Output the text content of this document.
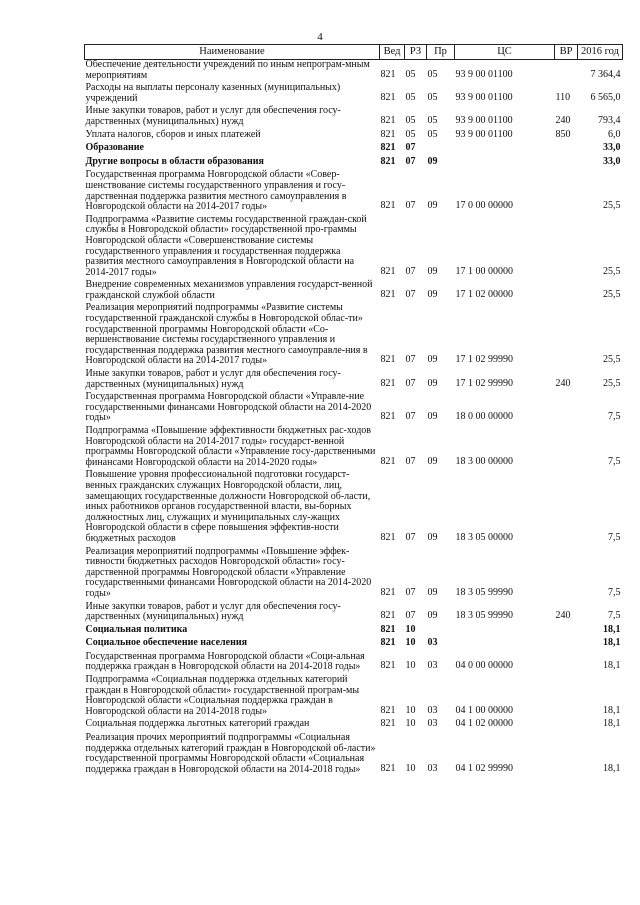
4
Наименование	Вед	РЗ	Пр	ЦС	ВР	2016 год
Обеспечение деятельности учреждений по иным непрограм-мным мероприятиям	821	05	05	93 9 00 01100		7 364,4
Расходы на выплаты персоналу казенных (муниципальных) учреждений	821	05	05	93 9 00 01100	110	6 565,0
Иные закупки товаров, работ и услуг для обеспечения госу-дарственных (муниципальных) нужд	821	05	05	93 9 00 01100	240	793,4
Уплата налогов, сборов и иных платежей	821	05	05	93 9 00 01100	850	6,0
Образование	821	07				33,0
Другие вопросы в области образования	821	07	09			33,0
Государственная программа Новгородской области «Совер-шенствование системы государственного управления и госу-дарственная поддержка развития местного самоуправления в Новгородской области на 2014-2017 годы»	821	07	09	17 0 00 00000		25,5
Подпрограмма «Развитие системы государственной граждан-ской службы в Новгородской области» государственной про-граммы Новгородской области «Совершенствование системы государственного управления и государственная поддержка развития местного самоуправления в Новгородской области на 2014-2017 годы»	821	07	09	17 1 00 00000		25,5
Внедрение современных механизмов управления государст-венной гражданской службой области	821	07	09	17 1 02 00000		25,5
Реализация мероприятий подпрограммы «Развитие системы государственной гражданской службы в Новгородской облас-ти» государственной программы Новгородской области «Со-вершенствование системы государственного управления и государственная поддержка развития местного самоуправле-ния в Новгородской области на 2014-2017 годы»	821	07	09	17 1 02 99990		25,5
Иные закупки товаров, работ и услуг для обеспечения госу-дарственных (муниципальных) нужд	821	07	09	17 1 02 99990	240	25,5
Государственная программа Новгородской области «Управле-ние государственными финансами Новгородской области на 2014-2020 годы»	821	07	09	18 0 00 00000		7,5
Подпрограмма «Повышение эффективности бюджетных рас-ходов Новгородской области на 2014-2017 годы» государст-венной программы Новгородской области «Управление госу-дарственными финансами Новгородской области на 2014-2020 годы»	821	07	09	18 3 00 00000		7,5
Повышение уровня профессиональной подготовки государст-венных гражданских служащих Новгородской области, лиц, замещающих государственные должности Новгородской об-ласти, иных работников органов государственной власти, вы-борных должностных лиц, служащих и муниципальных слу-жащих Новгородской области в сфере повышения эффектив-ности бюджетных расходов	821	07	09	18 3 05 00000		7,5
Реализация мероприятий подпрограммы «Повышение эффек-тивности бюджетных расходов Новгородской области» госу-дарственной программы Новгородской области «Управление государственными финансами Новгородской области на 2014-2020 годы»	821	07	09	18 3 05 99990		7,5
Иные закупки товаров, работ и услуг для обеспечения госу-дарственных (муниципальных) нужд	821	07	09	18 3 05 99990	240	7,5
Социальная политика	821	10				18,1
Социальное обеспечение населения	821	10	03			18,1
Государственная программа Новгородской области «Соци-альная поддержка граждан в Новгородской области на 2014-2018 годы»	821	10	03	04 0 00 00000		18,1
Подпрограмма «Социальная поддержка отдельных категорий граждан в Новгородской области» государственной програм-мы Новгородской области «Социальная поддержка граждан в Новгородской области на 2014-2018 годы»	821	10	03	04 1 00 00000		18,1
Социальная поддержка льготных категорий граждан	821	10	03	04 1 02 00000		18,1
Реализация прочих мероприятий подпрограммы «Социальная поддержка отдельных категорий граждан в Новгородской об-ласти» государственной программы Новгородской области «Социальная поддержка граждан в Новгородской области на 2014-2018 годы»	821	10	03	04 1 02 99990		18,1
